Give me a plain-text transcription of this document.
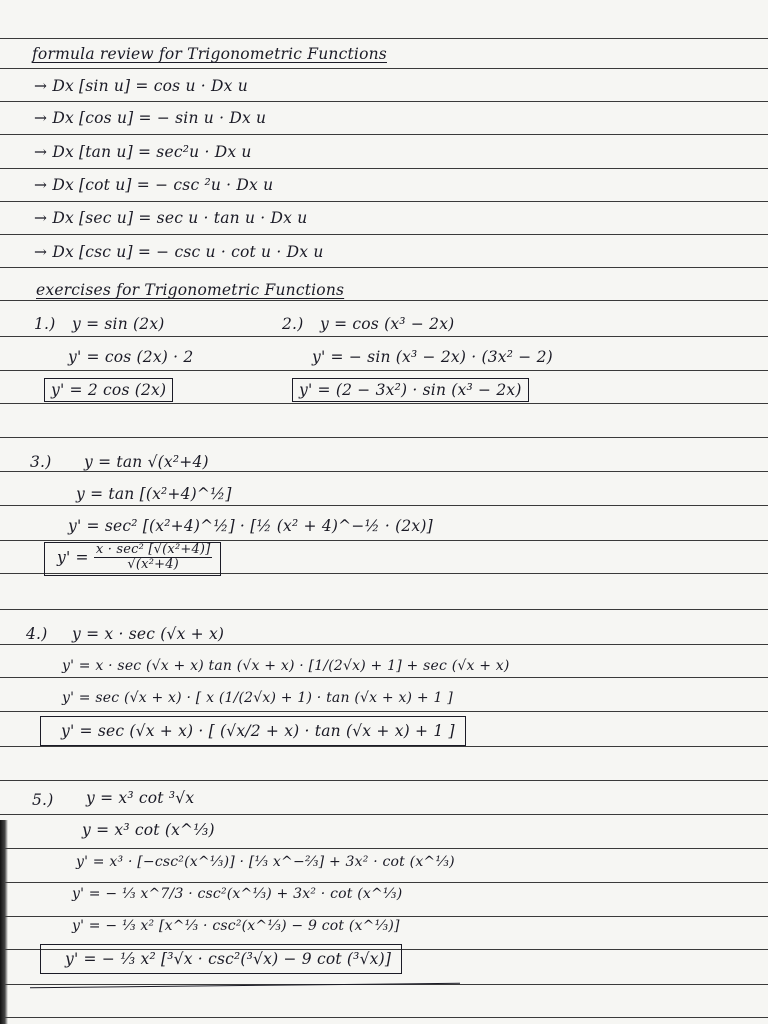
formula review for Trigonometric Functions
→ Dx [sin u] = cos u · Dx u
→ Dx [cos u] = − sin u · Dx u
→ Dx [tan u] = sec²u · Dx u
→ Dx [cot u] = − csc ²u · Dx u
→ Dx [sec u] = sec u · tan u · Dx u
→ Dx [csc u] = − csc u · cot u · Dx u
exercises for Trigonometric Functions
1.) y = sin (2x)
y' = cos (2x) · 2
y' = 2 cos (2x)
2.) y = cos (x³ − 2x)
y' = − sin (x³ − 2x) · (3x² − 2)
y' = (2 − 3x²) · sin (x³ − 2x)
3.) y = tan √(x²+4)
y = tan [(x²+4)^½]
y' = sec² [(x²+4)^½] · [½ (x² + 4)^−½ · (2x)]
$y' = \frac{\text{x · sec² [√(x²+4)]}}{\text{√(x²+4)}}$
4.) y = x · sec (√x + x)
y' = x · sec (√x + x) tan (√x + x) · [1/(2√x) + 1] + sec (√x + x)
y' = sec (√x + x) · [ x (1/(2√x) + 1) · tan (√x + x) + 1 ]
y' = sec (√x + x) · [ (√x/2 + x) · tan (√x + x) + 1 ]
5.) y = x³ cot ³√x
y = x³ cot (x^⅓)
y' = x³ · [−csc²(x^⅓)] · [⅓ x^−⅔] + 3x² · cot (x^⅓)
y' = − ⅓ x^7/3 · csc²(x^⅓) + 3x² · cot (x^⅓)
y' = − ⅓ x² [x^⅓ · csc²(x^⅓) − 9 cot (x^⅓)]
y' = − ⅓ x² [³√x · csc²(³√x) − 9 cot (³√x)]
